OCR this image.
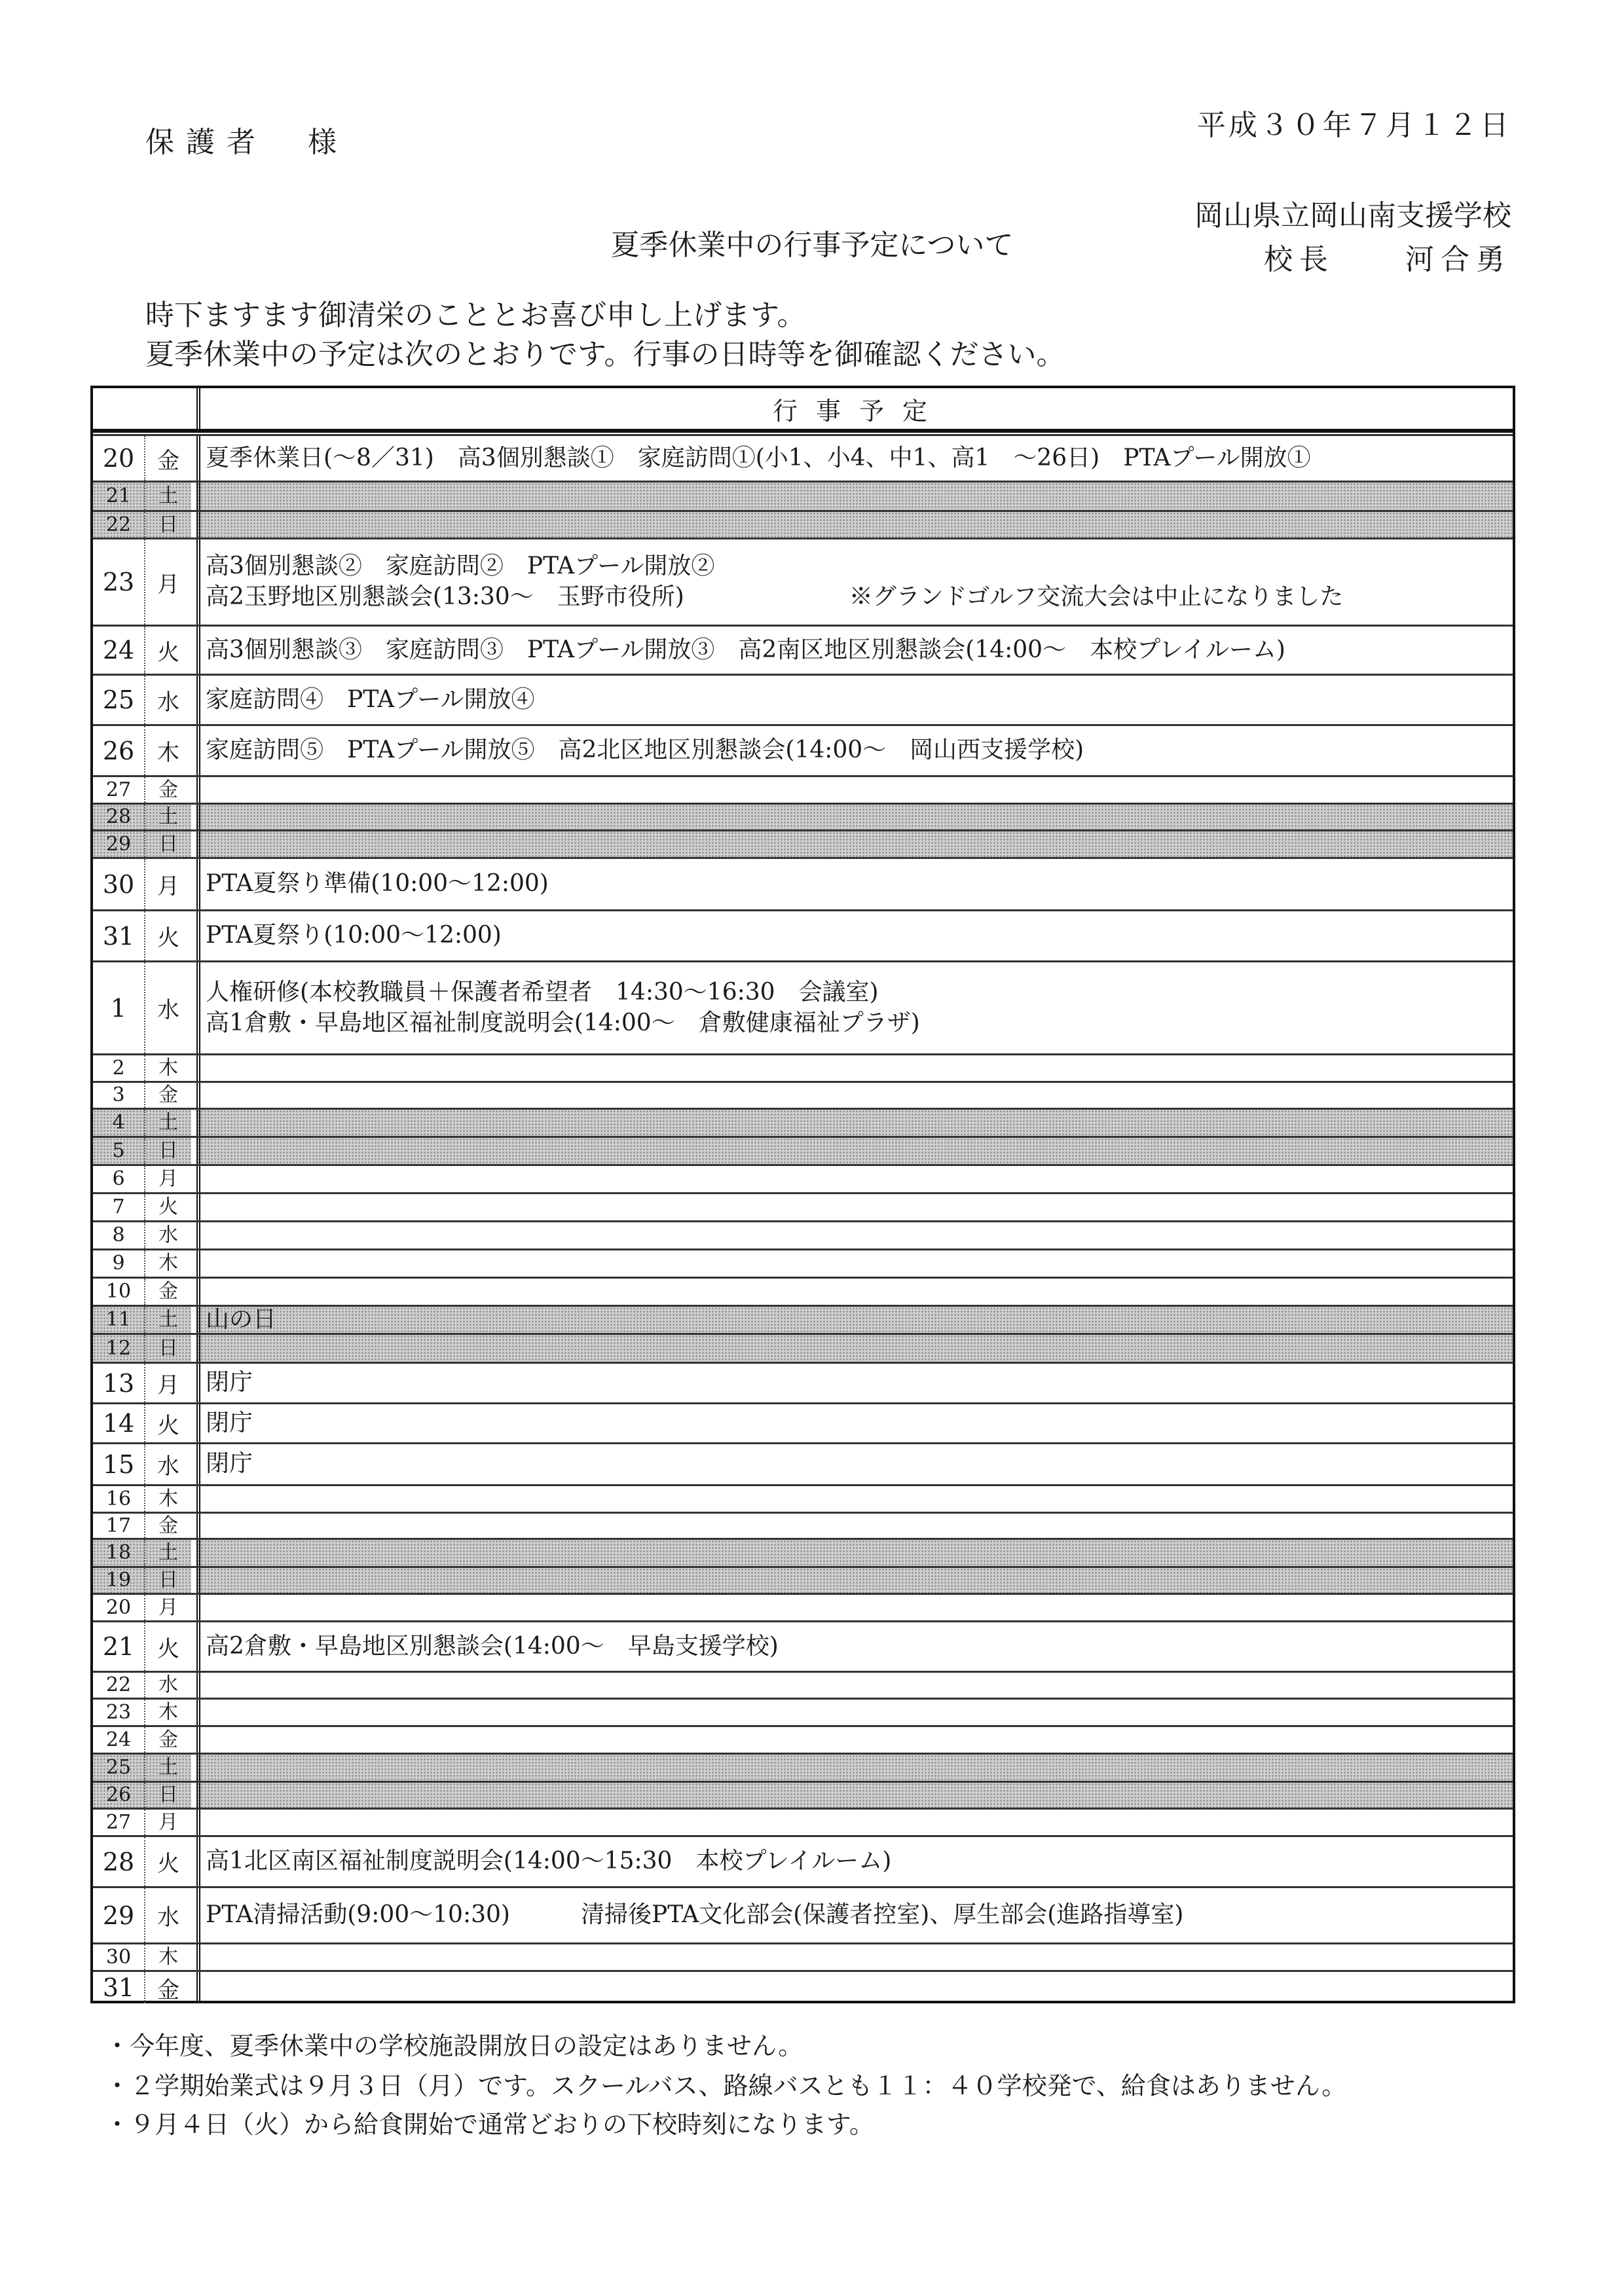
保護者　様
平成３０年７月１２日
岡山県立岡山南支援学校
校長　　河合勇
夏季休業中の行事予定について
時下ますます御清栄のこととお喜び申し上げます。
夏季休業中の予定は次のとおりです。行事の日時等を御確認ください。
行事予定
20 金 夏季休業日(～8／31)　高3個別懇談①　家庭訪問①(小1、小4、中1、高1　～26日)　PTAプール開放①
21 土
22 日
23 月
高3個別懇談②　家庭訪問②　PTAプール開放②
高2玉野地区別懇談会(13:30～　玉野市役所)　　　　　　　※グランドゴルフ交流大会は中止になりました
24 火 高3個別懇談③　家庭訪問③　PTAプール開放③　高2南区地区別懇談会(14:00～　本校プレイルーム)
25 水 家庭訪問④　PTAプール開放④
26 木 家庭訪問⑤　PTAプール開放⑤　高2北区地区別懇談会(14:00～　岡山西支援学校)
27 金
28 土
29 日
30 月 PTA夏祭り準備(10:00～12:00)
31 火 PTA夏祭り(10:00～12:00)
1 水
人権研修(本校教職員＋保護者希望者　14:30～16:30　会議室)
高1倉敷・早島地区福祉制度説明会(14:00～　倉敷健康福祉プラザ)
2 木
3 金
4 土
5 日
6 月
7 火
8 水
9 木
10 金
11 土 山の日
12 日
13 月 閉庁
14 火 閉庁
15 水 閉庁
16 木
17 金
18 土
19 日
20 月
21 火 高2倉敷・早島地区別懇談会(14:00～　早島支援学校)
22 水
23 木
24 金
25 土
26 日
27 月
28 火 高1北区南区福祉制度説明会(14:00～15:30　本校プレイルーム)
29 水 PTA清掃活動(9:00～10:30)　　　清掃後PTA文化部会(保護者控室)、厚生部会(進路指導室)
30 木
31 金
・今年度、夏季休業中の学校施設開放日の設定はありません。
・２学期始業式は９月３日（月）です。スクールバス、路線バスとも１１：４０学校発で、給食はありません。
・９月４日（火）から給食開始で通常どおりの下校時刻になります。
